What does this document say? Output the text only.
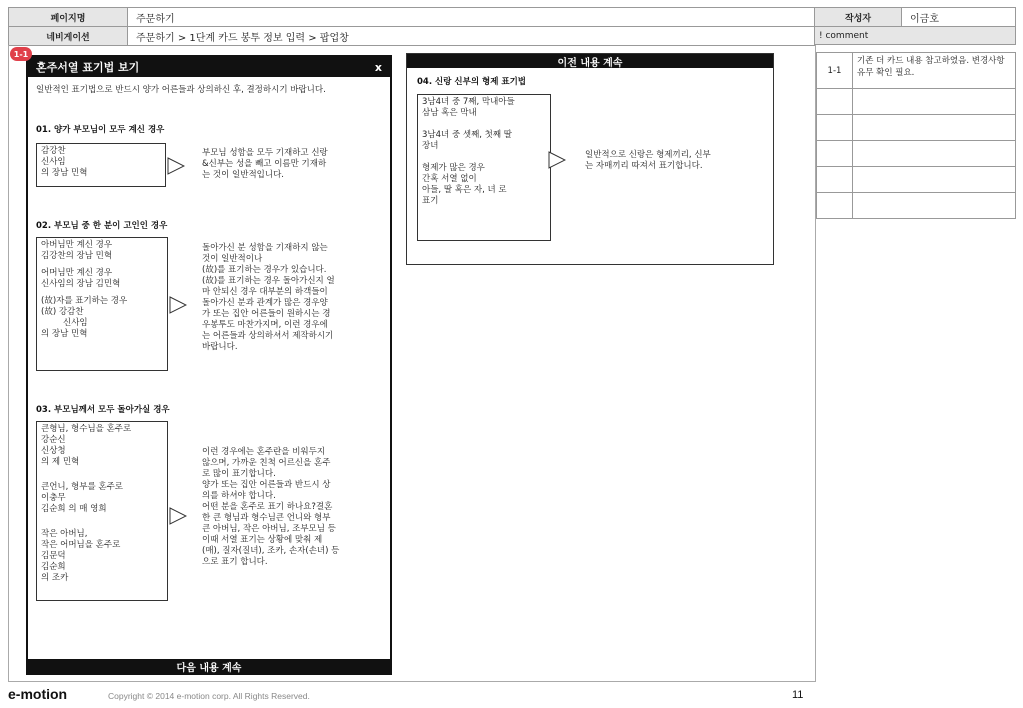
페이지명	주문하기
네비게이션	주문하기 > 1단계 카드 봉투 정보 입력 > 팝업창
작성자	이금호
! comment
1-1
혼주서열 표기법 보기	x
일반적인 표기법으로 반드시 양가 어른들과 상의하신 후, 결정하시기 바랍니다.
01. 양가 부모님이 모두 계신 경우
감강찬
신사임
의 장남 민혁
부모님 성함을 모두 기재하고 신랑
&신부는 성을 빼고 이름만 기재하
는 것이 일반적입니다.
02. 부모님 중 한 분이 고인인 경우
아버님만 계신 경우
김강찬의 장남 민혁
어머님만 계신 경우
신사임의 장남 김민혁
(故)자를 표기하는 경우
(故) 강감찬
신사임
의 장남 민혁
돌아가신 분 성함을 기재하지 않는
것이 일반적이나
(故)를 표기하는 경우가 있습니다.
(故)를 표기하는 경우 돌아가신지 얼
마 안되신 경우 대부분의 하객들이
돌아가신 분과 관계가 많은 경우양
가 또는 집안 어른들이 원하시는 경
우봉투도 마찬가지며, 이런 경우에
는 어른들과 상의하셔서 제작하시기
바랍니다.
03. 부모님께서 모두 돌아가실 경우
큰형님, 형수님을 혼주로
강순신
신상청
의 제 민혁
큰언니, 형부를 혼주로
이충무
김순희 의 매 영희
작은 아버님,
작은 어머님을 혼주로
김문덕
김순희
의 조카
이런 경우에는 혼주란을 비워두지
않으며, 가까운 친척 어르신을 혼주
로 많이 표기합니다.
양가 또는 집안 어른들과 반드시 상
의를 하셔야 합니다.
어떤 분을 혼주로 표기 하나요?결혼
한 큰 형님과 형수님큰 언니와 형부
큰 아버님, 작은 아버님, 조부모님 등
이때 서열 표기는 상황에 맞춰 제
(매), 질자(질녀), 조카, 손자(손녀) 등
으로 표기 합니다.
다음 내용 계속
이전 내용 계속
04. 신랑 신부의 형제 표기법
3남4녀 중 7째, 막내아들
삼남 혹은 막내
3남4녀 중 셋째, 첫째 딸
장녀
형제가 많은 경우
간혹 서열 없이
아들, 딸 혹은 자, 녀 로
표기
일반적으로 신랑은 형제끼리, 신부
는 자매끼리 따져서 표기합니다.
1-1
기존 더 카드 내용 참고하였음. 변경사항 유무 확인 필요.
e-motion	Copyright © 2014 e-motion corp. All Rights Reserved.	11
